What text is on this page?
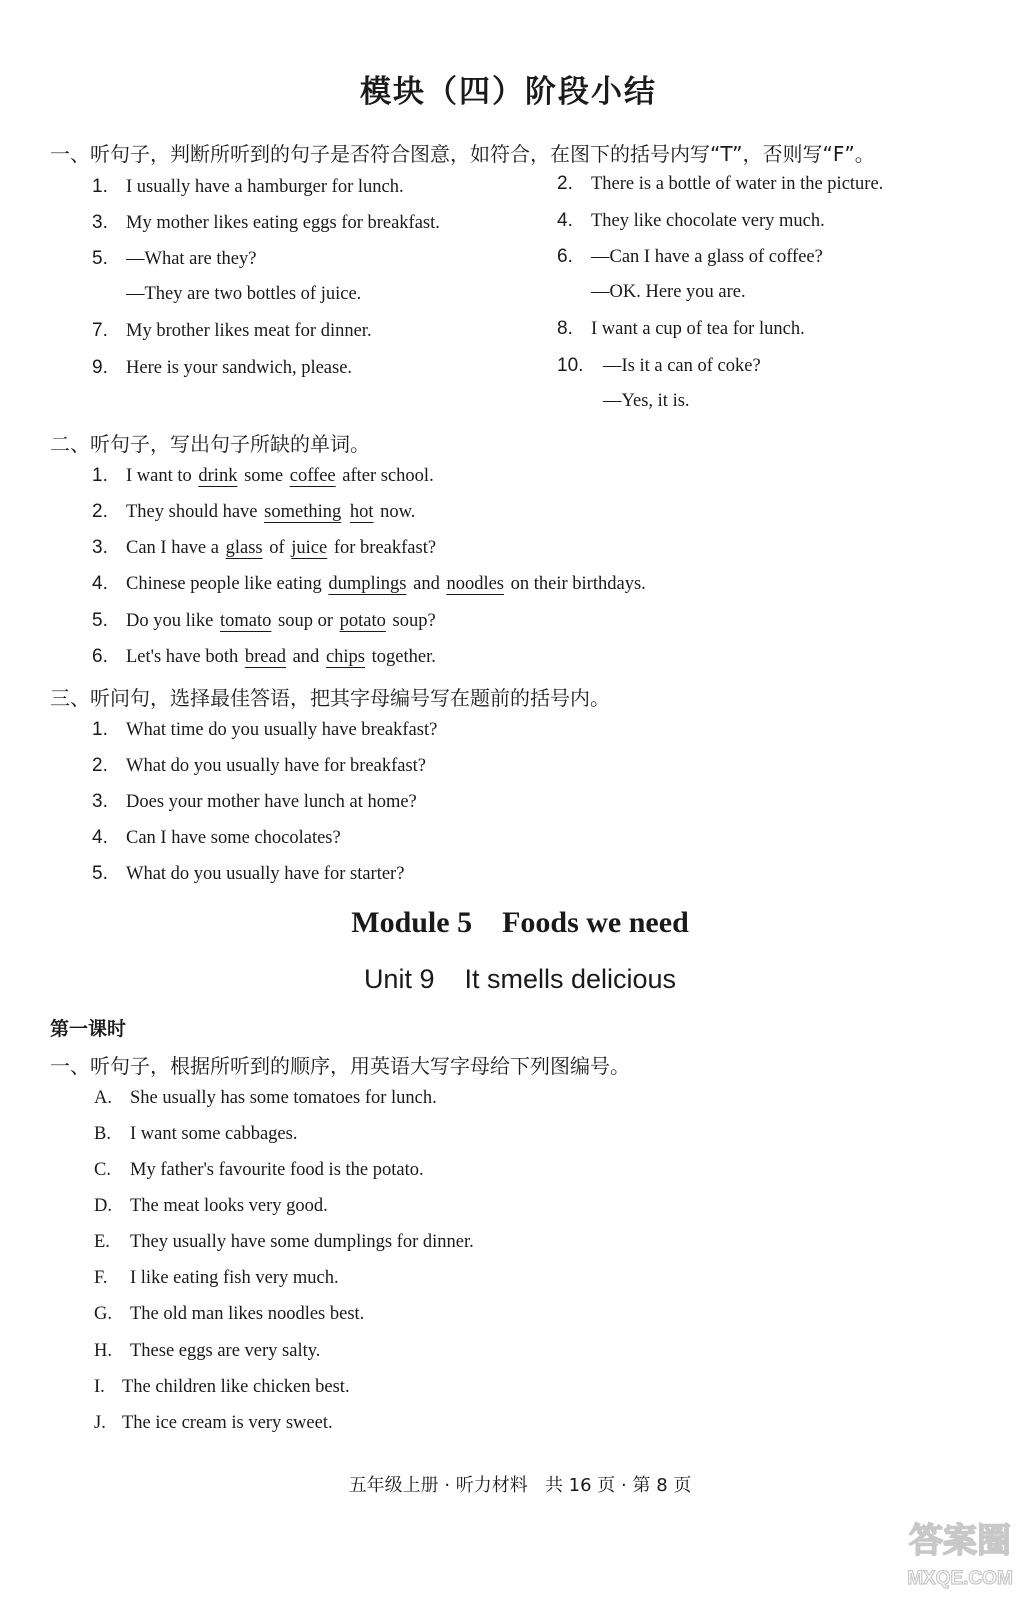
模块（四）阶段小结
一、听句子，判断所听到的句子是否符合图意，如符合，在图下的括号内写“T”，否则写“F”。
1. I usually have a hamburger for lunch.
3. My mother likes eating eggs for breakfast.
5. —What are they?
—They are two bottles of juice.
7. My brother likes meat for dinner.
9. Here is your sandwich, please.
2. There is a bottle of water in the picture.
4. They like chocolate very much.
6. —Can I have a glass of coffee?
—OK. Here you are.
8. I want a cup of tea for lunch.
10. —Is it a can of coke?
—Yes, it is.
二、听句子，写出句子所缺的单词。
1. I want to drink some coffee after school.
2. They should have something hot now.
3. Can I have a glass of juice for breakfast?
4. Chinese people like eating dumplings and noodles on their birthdays.
5. Do you like tomato soup or potato soup?
6. Let's have both bread and chips together.
三、听问句，选择最佳答语，把其字母编号写在题前的括号内。
1. What time do you usually have breakfast?
2. What do you usually have for breakfast?
3. Does your mother have lunch at home?
4. Can I have some chocolates?
5. What do you usually have for starter?
Module 5    Foods we need
Unit 9    It smells delicious
第一课时
一、听句子，根据所听到的顺序，用英语大写字母给下列图编号。
A. She usually has some tomatoes for lunch.
B. I want some cabbages.
C. My father's favourite food is the potato.
D. The meat looks very good.
E. They usually have some dumplings for dinner.
F. I like eating fish very much.
G. The old man likes noodles best.
H. These eggs are very salty.
I. The children like chicken best.
J. The ice cream is very sweet.
五年级上册 · 听力材料   共 16 页 · 第 8 页
答案圈
MXQE.COM
